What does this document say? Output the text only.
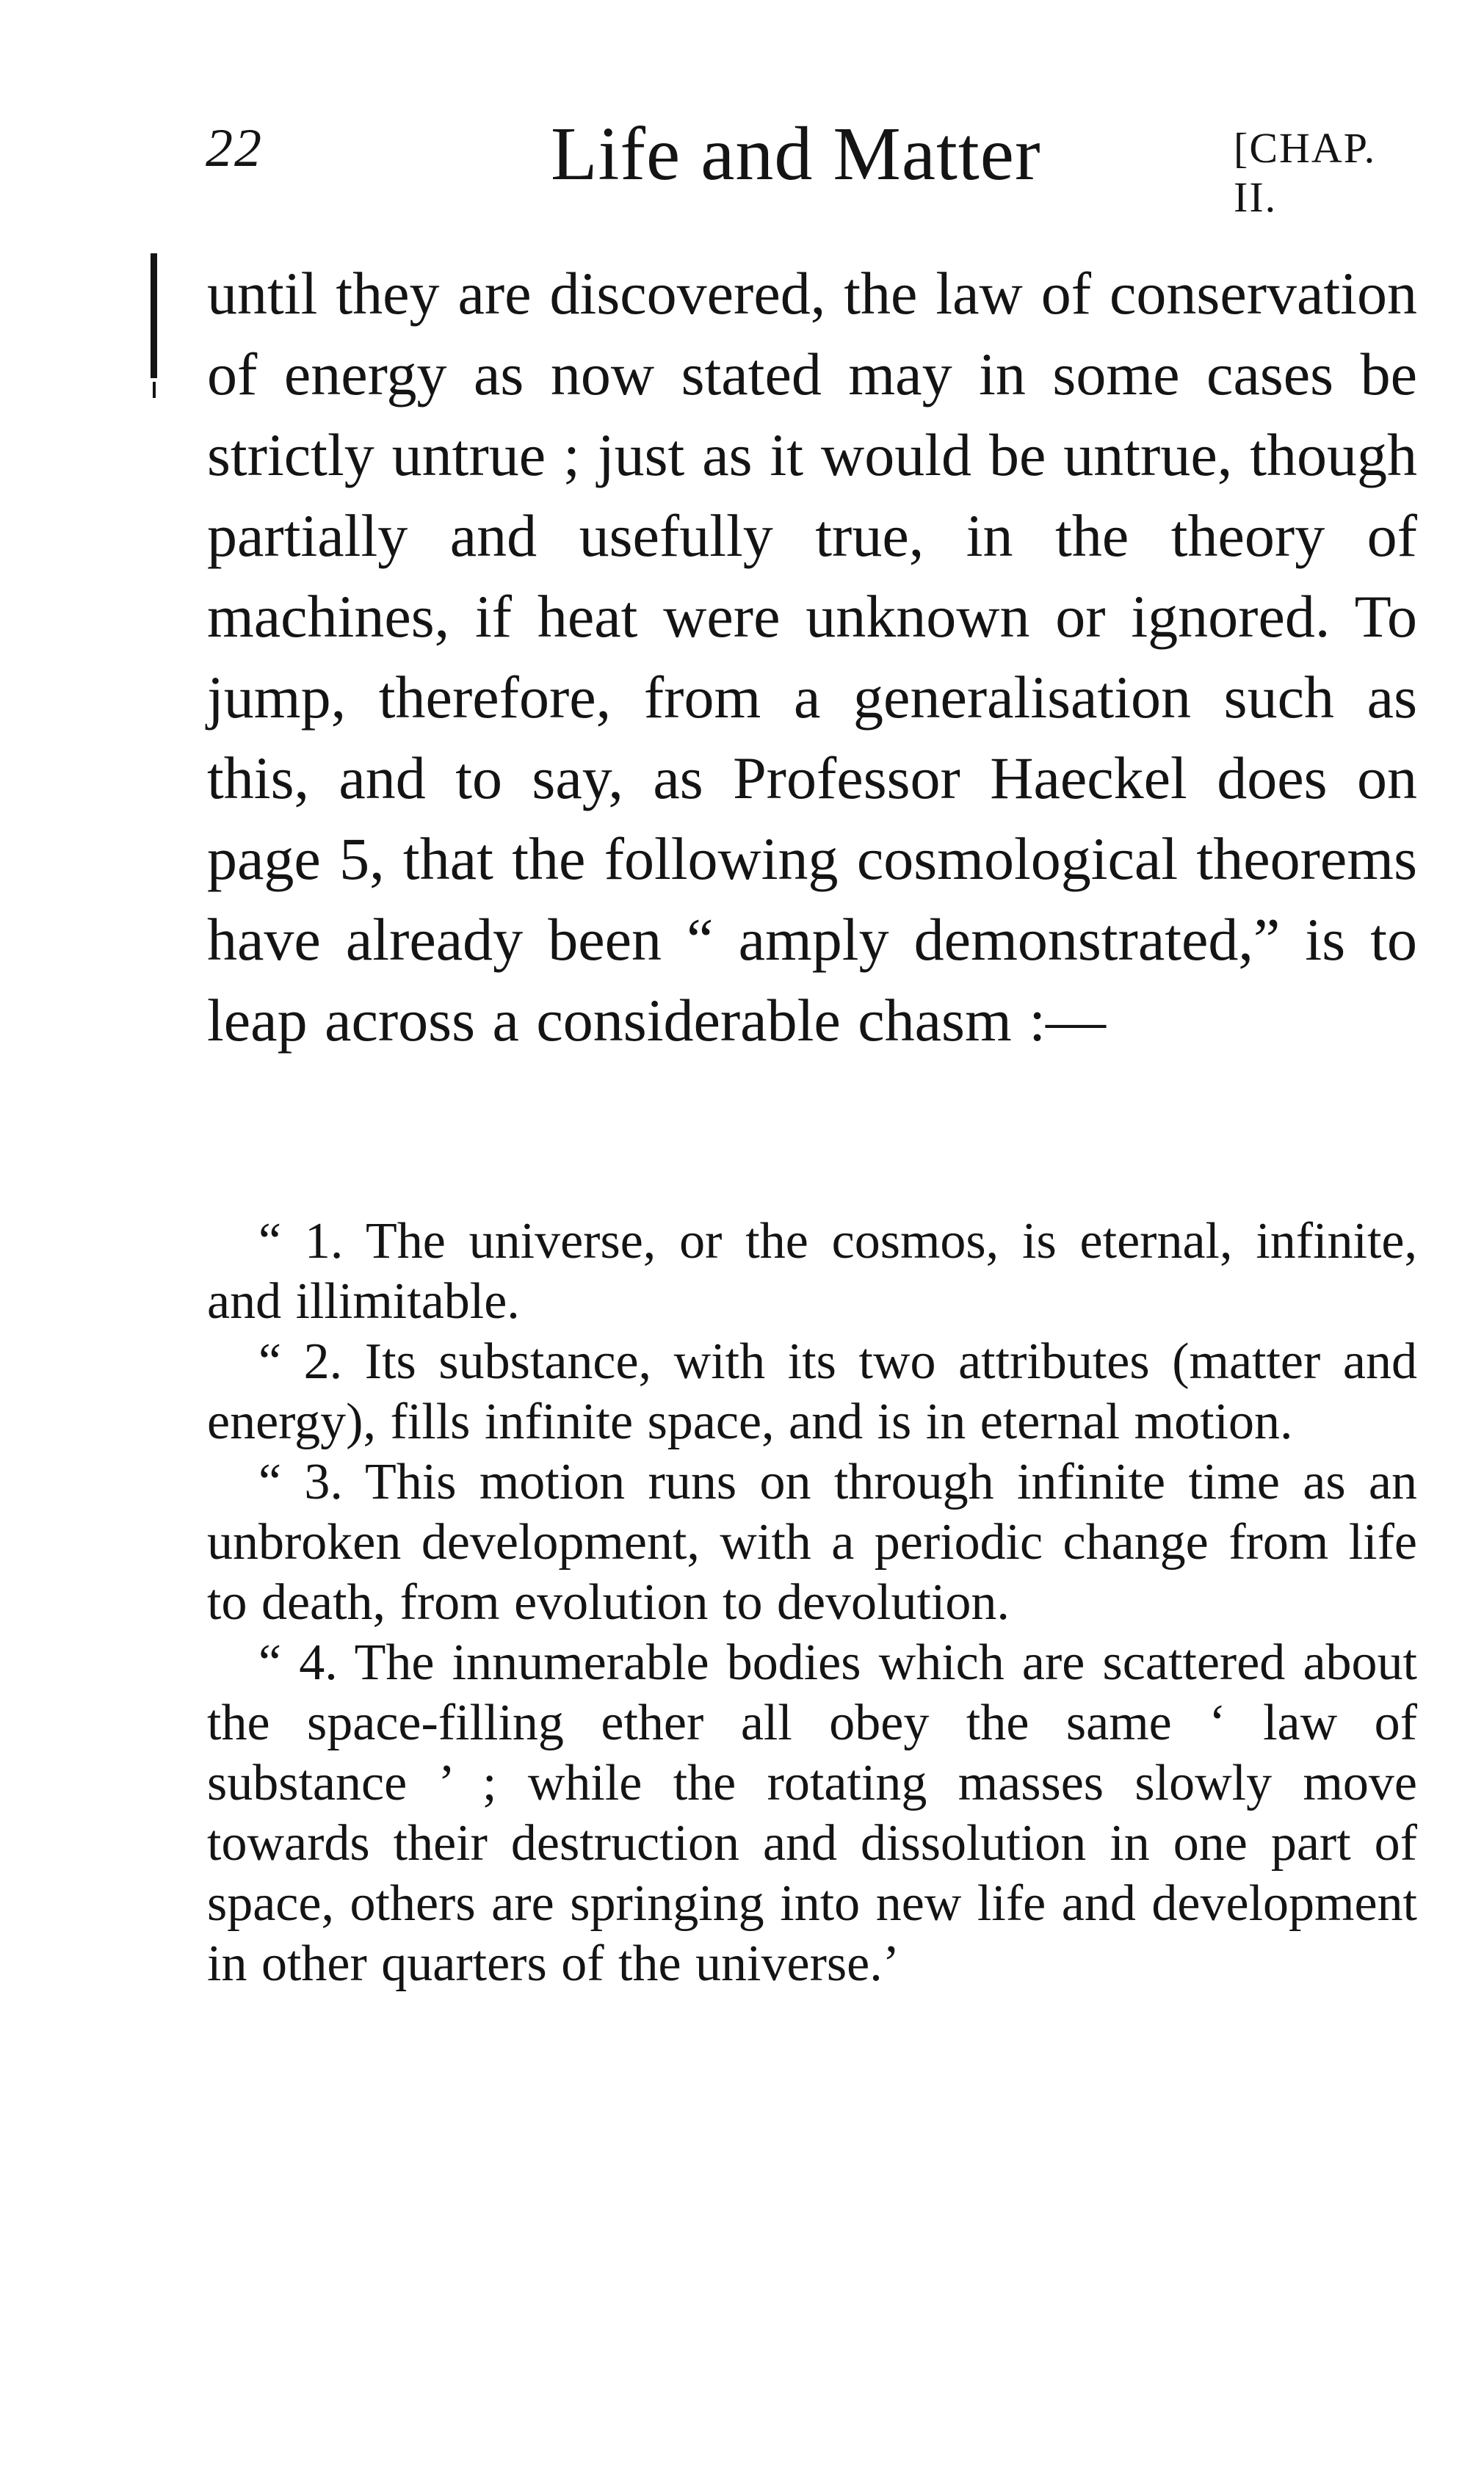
22	Life and Matter	[CHAP. II.

until they are discovered, the law of conservation of energy as now stated may in some cases be strictly untrue ; just as it would be untrue, though partially and usefully true, in the theory of machines, if heat were unknown or ignored. To jump, therefore, from a generalisation such as this, and to say, as Professor Haeckel does on page 5, that the following cosmological theorems have already been “ amply demonstrated,” is to leap across a considerable chasm :—

“ 1. The universe, or the cosmos, is eternal, infinite, and illimitable.

“ 2. Its substance, with its two attributes (matter and energy), fills infinite space, and is in eternal motion.

“ 3. This motion runs on through infinite time as an unbroken development, with a periodic change from life to death, from evolution to devolution.

“ 4. The innumerable bodies which are scattered about the space-filling ether all obey the same ‘ law of substance ’ ; while the rotating masses slowly move towards their destruction and dissolution in one part of space, others are springing into new life and development in other quarters of the universe.’
